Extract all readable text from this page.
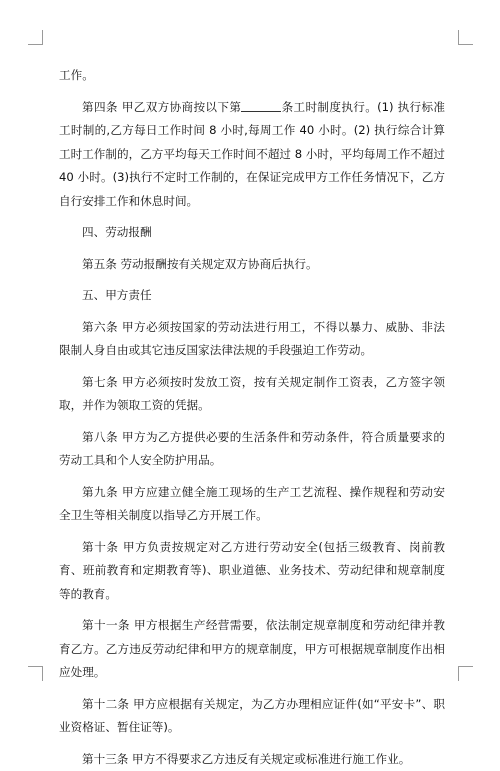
工作。

第四条 甲乙双方协商按以下第	条工时制度执行。(1) 执行标准工时制的,乙方每日工作时间 8 小时,每周工作 40 小时。(2) 执行综合计算工时工作制的，乙方平均每天工作时间不超过 8 小时，平均每周工作不超过 40 小时。(3)执行不定时工作制的，在保证完成甲方工作任务情况下，乙方自行安排工作和休息时间。

四、劳动报酬

第五条 劳动报酬按有关规定双方协商后执行。

五、甲方责任

第六条 甲方必须按国家的劳动法进行用工，不得以暴力、威胁、非法限制人身自由或其它违反国家法律法规的手段强迫工作劳动。

第七条 甲方必须按时发放工资，按有关规定制作工资表，乙方签字领取，并作为领取工资的凭据。

第八条 甲方为乙方提供必要的生活条件和劳动条件，符合质量要求的劳动工具和个人安全防护用品。

第九条 甲方应建立健全施工现场的生产工艺流程、操作规程和劳动安全卫生等相关制度以指导乙方开展工作。

第十条 甲方负责按规定对乙方进行劳动安全(包括三级教育、岗前教育、班前教育和定期教育等)、职业道德、业务技术、劳动纪律和规章制度等的教育。

第十一条 甲方根据生产经营需要，依法制定规章制度和劳动纪律并教育乙方。乙方违反劳动纪律和甲方的规章制度，甲方可根据规章制度作出相应处理。

第十二条 甲方应根据有关规定，为乙方办理相应证件(如“平安卡”、职业资格证、暂住证等)。

第十三条 甲方不得要求乙方违反有关规定或标准进行施工作业。
